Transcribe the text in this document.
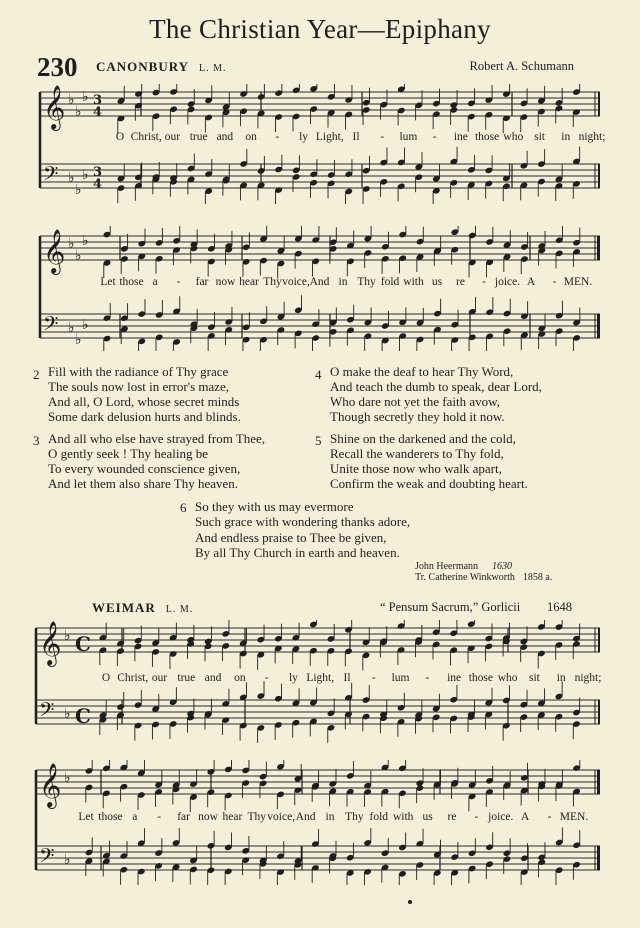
The Christian Year—Epiphany
230 CANONBURY L. M.	Robert A. Schumann
𝄞 ♭
♭
♭ 3
4
𝄢 ♭
♭
♭ 3
4
O Christ, our true and on - ly Light, Il - lum - ine those who sit in night;
𝄞 ♭
♭
♭
𝄢 ♭
♭
♭
Let those a - far now hear Thy voice, And in Thy fold with us re - joice. A - MEN.
2 Fill with the radiance of Thy grace
The souls now lost in error's maze,
And all, O Lord, whose secret minds
Some dark delusion hurts and blinds.
3 And all who else have strayed from Thee,
O gently seek ! Thy healing be
To every wounded conscience given,
And let them also share Thy heaven.
4 O make the deaf to hear Thy Word,
And teach the dumb to speak, dear Lord,
Who dare not yet the faith avow,
Though secretly they hold it now.
5 Shine on the darkened and the cold,
Recall the wanderers to Thy fold,
Unite those now who walk apart,
Confirm the weak and doubting heart.
6 So they with us may evermore
Such grace with wondering thanks adore,
And endless praise to Thee be given,
By all Thy Church in earth and heaven.
John Heermann 1630
Tr. Catherine Winkworth 1858 a.
WEIMAR L. M.	“ Pensum Sacrum,” Gorlicii 1648
𝄞 ♭ C
𝄢 ♭ C
O Christ, our true and on - ly Light, Il - lum - ine those who sit in night;
𝄞 ♭
𝄢 ♭
Let those a - far now hear Thy voice, And in Thy fold with us re - joice. A - MEN.
